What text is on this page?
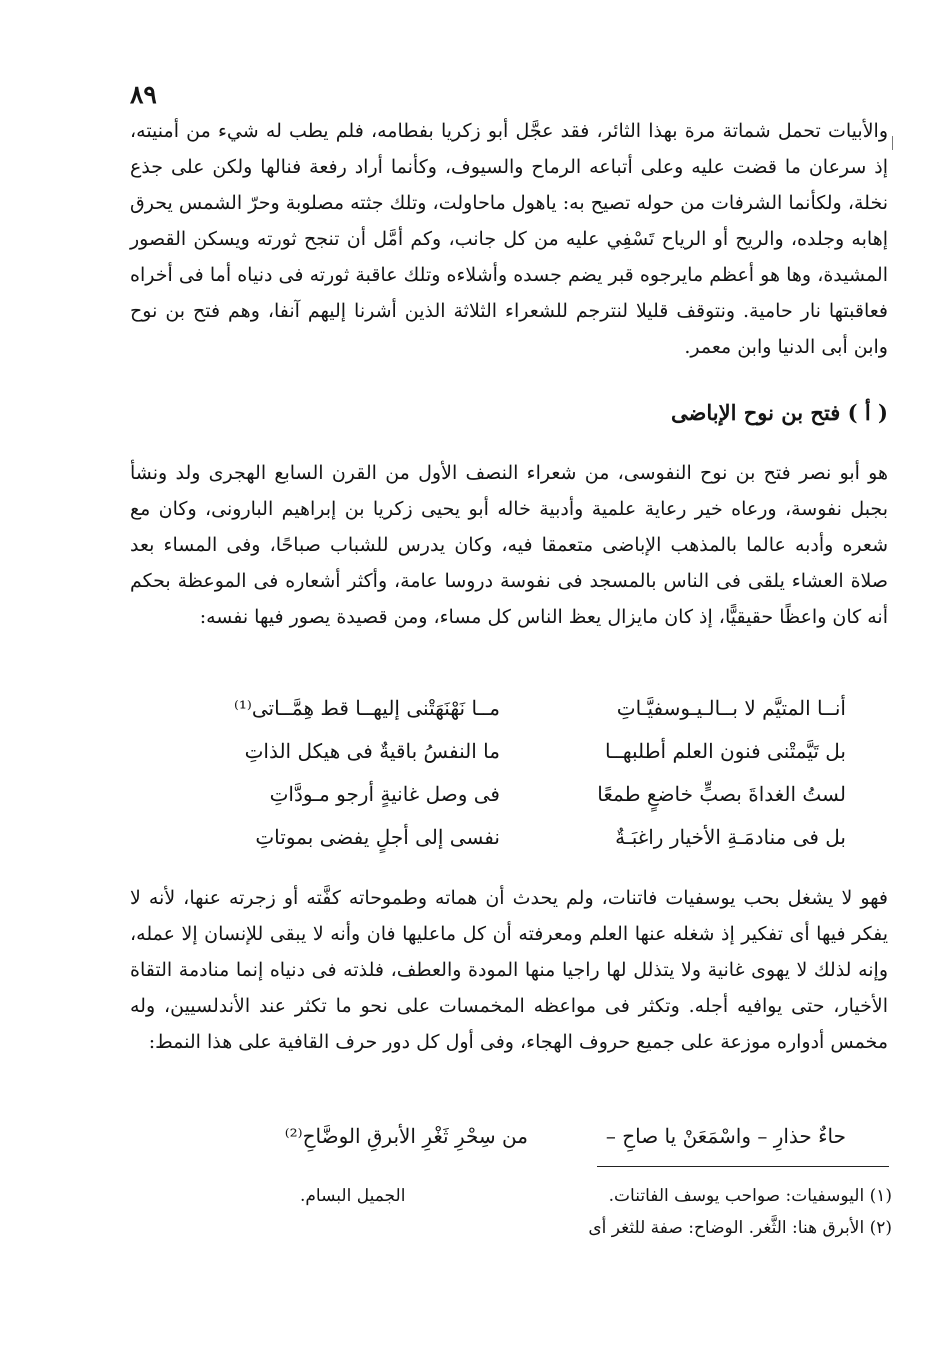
٨٩

والأبيات تحمل شماتة مرة بهذا الثائر، فقد عجَّل أبو زكريا بفطامه، فلم يطب له شيء من أمنيته، إذ سرعان ما قضت عليه وعلى أتباعه الرماح والسيوف، وكأنما أراد رفعة فنالها ولكن على جذع نخلة، ولكأنما الشرفات من حوله تصيح به: ياهول ماحاولت، وتلك جثته مصلوبة وحرّ الشمس يحرق إهابه وجلده، والريح أو الرياح تَسْفِي عليه من كل جانب، وكم أمَّل أن تنجح ثورته ويسكن القصور المشيدة، وها هو أعظم مايرجوه قبر يضم جسده وأشلاءه وتلك عاقبة ثورته فى دنياه أما فى أخراه فعاقبتها نار حامية. ونتوقف قليلا لنترجم للشعراء الثلاثة الذين أشرنا إليهم آنفا، وهم فتح بن نوح وابن أبى الدنيا وابن معمر.

( أ ) فتح بن نوح الإباضى

هو أبو نصر فتح بن نوح النفوسى، من شعراء النصف الأول من القرن السابع الهجرى ولد ونشأ بجبل نفوسة، ورعاه خير رعاية علمية وأدبية خاله أبو يحيى زكريا بن إبراهيم البارونى، وكان مع شعره وأدبه عالما بالمذهب الإباضى متعمقا فيه، وكان يدرس للشباب صباحًا، وفى المساء بعد صلاة العشاء يلقى فى الناس بالمسجد فى نفوسة دروسا عامة، وأكثر أشعاره فى الموعظة بحكم أنه كان واعظًا حقيقيًّا، إذ كان مايزال يعظ الناس كل مساء، ومن قصيدة يصور فيها نفسه:

أنــا المتيَّم لا بــالـيـوسفيَّـاتِ
مــا نَهْنَهَتْنى إليهــا قط هِمَّــاتى⁽¹⁾
بل تَيَّمتْنى فنون العلم أطلبهــا
ما النفسُ باقيةٌ فى هيكل الذاتِ
لستُ الغداةَ بصبٍّ خاضعٍ طمعًا
فى وصل غانيةٍ أرجو مـودَّاتِ
بل فى منادمَـةِ الأخيار راغبَـةٌ
نفسى إلى أجلٍ يفضى بموتاتِ

فهو لا يشغل بحب يوسفيات فاتنات، ولم يحدث أن هماته وطموحاته كفَّته أو زجرته عنها، لأنه لا يفكر فيها أى تفكير إذ شغله عنها العلم ومعرفته أن كل ماعليها فان وأنه لا يبقى للإنسان إلا عمله، وإنه لذلك لا يهوى غانية ولا يتذلل لها راجيا منها المودة والعطف، فلذته فى دنياه إنما منادمة التقاة الأخيار، حتى يوافيه أجله. وتكثر فى مواعظه المخمسات على نحو ما تكثر عند الأندلسيين، وله مخمس أدواره موزعة على جميع حروف الهجاء، وفى أول كل دور حرف القافية على هذا النمط:

حاءٌ حذارِ – واسْمَعَنْ يا صاحِ –
من سِحْرِ ثَغْرِ الأبرقِ الوضَّاحِ⁽²⁾
(١) اليوسفيات: صواحب يوسف الفاتنات.
الجميل البسام.
(٢) الأبرق هنا: الثَّغر. الوضاح: صفة للثغر أى
